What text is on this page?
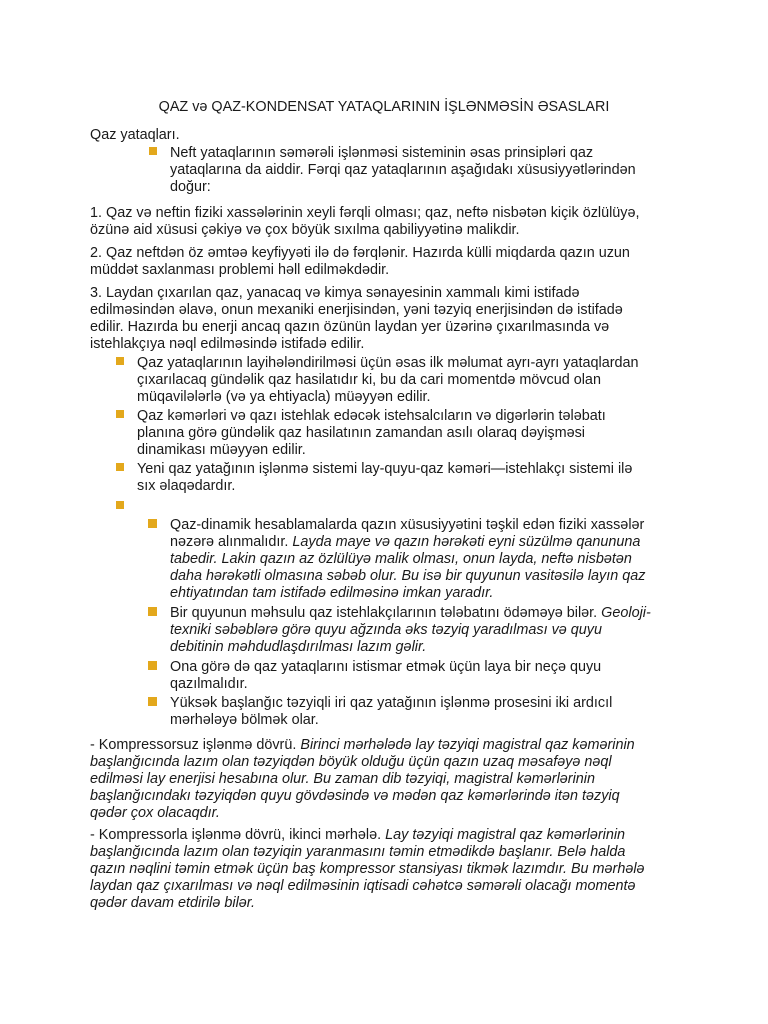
QAZ və QAZ-KONDENSAT YATAQLARININ İŞLƏNMƏSİN ƏSASLARI
Qaz yataqları.
Neft yataqlarının səmərəli işlənməsi sisteminin əsas prinsipləri qaz
yataqlarına da aiddir. Fərqi qaz yataqlarının aşağıdakı xüsusiyyətlərindən
doğur:
1. Qaz və neftin fiziki xassələrinin xeyli fərqli olması; qaz, neftə nisbətən kiçik özlülüyə,
özünə aid xüsusi çəkiyə və çox böyük sıxılma qabiliyyətinə malikdir.
2. Qaz neftdən öz əmtəə keyfiyyəti ilə də fərqlənir. Hazırda külli miqdarda qazın uzun
müddət saxlanması problemi həll edilməkdədir.
3. Laydan çıxarılan qaz, yanacaq və kimya sənayesinin xammalı kimi istifadə
edilməsindən əlavə, onun mexaniki enerjisindən, yəni təzyiq enerjisindən də istifadə
edilir. Hazırda bu enerji ancaq qazın özünün laydan yer üzərinə çıxarılmasında və
istehlakçıya nəql edilməsində istifadə edilir.
Qaz yataqlarının layihələndirilməsi üçün əsas ilk məlumat ayrı-ayrı yataqlardan
çıxarılacaq gündəlik qaz hasilatıdır ki, bu da cari momentdə mövcud olan
müqavilələrlə (və ya ehtiyacla) müəyyən edilir.
Qaz kəmərləri və qazı istehlak edəcək istehsalcıların və digərlərin tələbatı
planına görə gündəlik qaz hasilatının zamandan asılı olaraq dəyişməsi
dinamikası müəyyən edilir.
Yeni qaz yatağının işlənmə sistemi lay-quyu-qaz kəməri—istehlakçı sistemi ilə
sıx əlaqədardır.
Qaz-dinamik hesablamalarda qazın xüsusiyyətini təşkil edən fiziki xassələr
nəzərə alınmalıdır. Layda maye və qazın hərəkəti eyni süzülmə qanununa
tabedir. Lakin qazın az özlülüyə malik olması, onun layda, neftə nisbətən
daha hərəkətli olmasına səbəb olur. Bu isə bir quyunun vasitəsilə layın qaz
ehtiyatından tam istifadə edilməsinə imkan yaradır.
Bir quyunun məhsulu qaz istehlakçılarının tələbatını ödəməyə bilər. Geoloji-
texniki səbəblərə görə quyu ağzında əks təzyiq yaradılması və quyu
debitinin məhdudlaşdırılması lazım gəlir.
Ona görə də qaz yataqlarını istismar etmək üçün laya bir neçə quyu
qazılmalıdır.
Yüksək başlanğıc təzyiqli iri qaz yatağının işlənmə prosesini iki ardıcıl
mərhələyə bölmək olar.
- Kompressorsuz işlənmə dövrü. Birinci mərhələdə lay təzyiqi magistral qaz kəmərinin
başlanğıcında lazım olan təzyiqdən böyük olduğu üçün qazın uzaq məsafəyə nəql
edilməsi lay enerjisi hesabına olur. Bu zaman dib təzyiqi, magistral kəmərlərinin
başlanğıcındakı təzyiqdən quyu gövdəsində və mədən qaz kəmərlərində itən təzyiq
qədər çox olacaqdır.
- Kompressorla işlənmə dövrü, ikinci mərhələ. Lay təzyiqi magistral qaz kəmərlərinin
başlanğıcında lazım olan təzyiqin yaranmasını təmin etmədikdə başlanır. Belə halda
qazın nəqlini təmin etmək üçün baş kompressor stansiyası tikmək lazımdır. Bu mərhələ
laydan qaz çıxarılması və nəql edilməsinin iqtisadi cəhətcə səmərəli olacağı momentə
qədər davam etdirilə bilər.
